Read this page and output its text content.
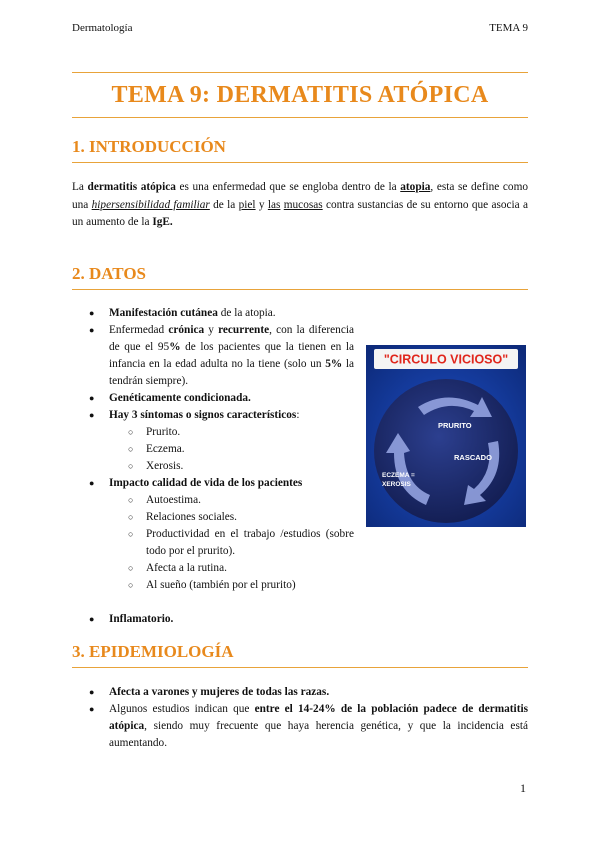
Dermatología	TEMA 9
TEMA 9: DERMATITIS ATÓPICA
1. INTRODUCCIÓN
La dermatitis atópica es una enfermedad que se engloba dentro de la atopia, esta se define como una hipersensibilidad familiar de la piel y las mucosas contra sustancias de su entorno que asocia a un aumento de la IgE.
2. DATOS
● Manifestación cutánea de la atopia.
● Enfermedad crónica y recurrente, con la diferencia de que el 95% de los pacientes que la tienen en la infancia en la edad adulta no la tiene (solo un 5% la tendrán siempre).
● Genéticamente condicionada.
● Hay 3 síntomas o signos característicos:
○ Prurito.
○ Eczema.
○ Xerosis.
● Impacto calidad de vida de los pacientes
○ Autoestima.
○ Relaciones sociales.
○ Productividad en el trabajo /estudios (sobre todo por el prurito).
○ Afecta a la rutina.
○ Al sueño (también por el prurito)
● Inflamatorio.
"CIRCULO VICIOSO"
PRURITO
RASCADO
ECZEMA =
XEROSIS
3. EPIDEMIOLOGÍA
● Afecta a varones y mujeres de todas las razas.
● Algunos estudios indican que entre el 14-24% de la población padece de dermatitis atópica, siendo muy frecuente que haya herencia genética, y que la incidencia está aumentando.
1
